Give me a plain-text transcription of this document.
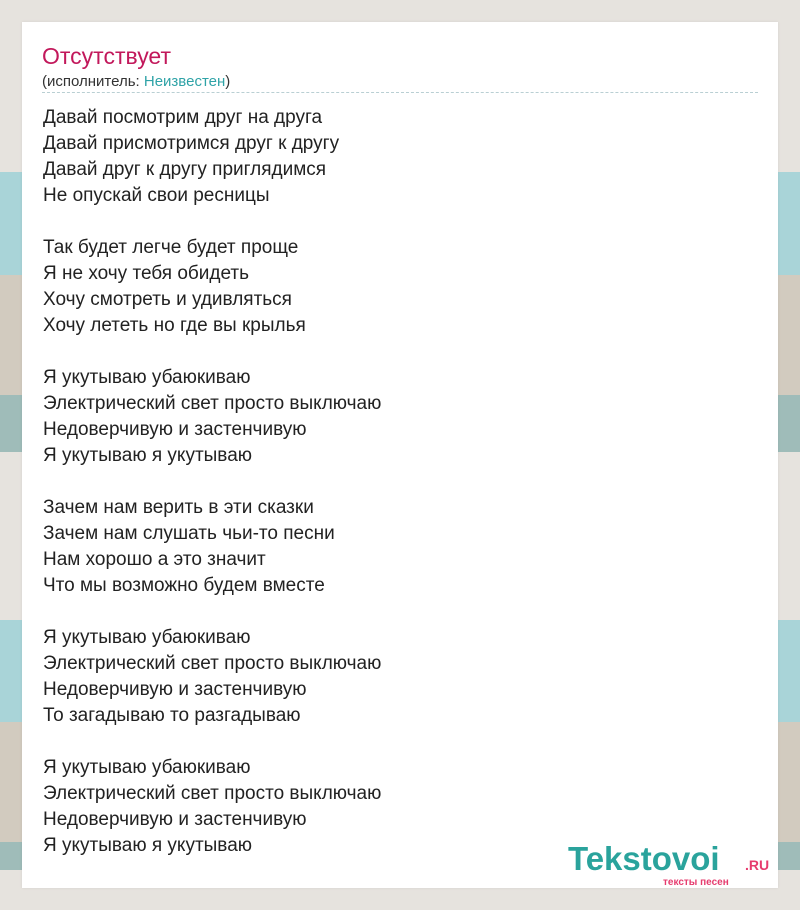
Отсутствует
(исполнитель: Неизвестен)
Давай посмотрим друг на друга
Давай присмотримся друг к другу
Давай друг к другу приглядимся
Не опускай свои ресницы
Так будет легче будет проще
Я не хочу тебя обидеть
Хочу смотреть и удивляться
Хочу лететь но где вы крылья
Я укутываю убаюкиваю
Электрический свет просто выключаю
Недоверчивую и застенчивую
Я укутываю я укутываю
Зачем нам верить в эти сказки
Зачем нам слушать чьи-то песни
Нам хорошо а это значит
Что мы возможно будем вместе
Я укутываю убаюкиваю
Электрический свет просто выключаю
Недоверчивую и застенчивую
То загадываю то разгадываю
Я укутываю убаюкиваю
Электрический свет просто выключаю
Недоверчивую и застенчивую
Я укутываю я укутываю	Tekstovoi .RU
тексты песен
